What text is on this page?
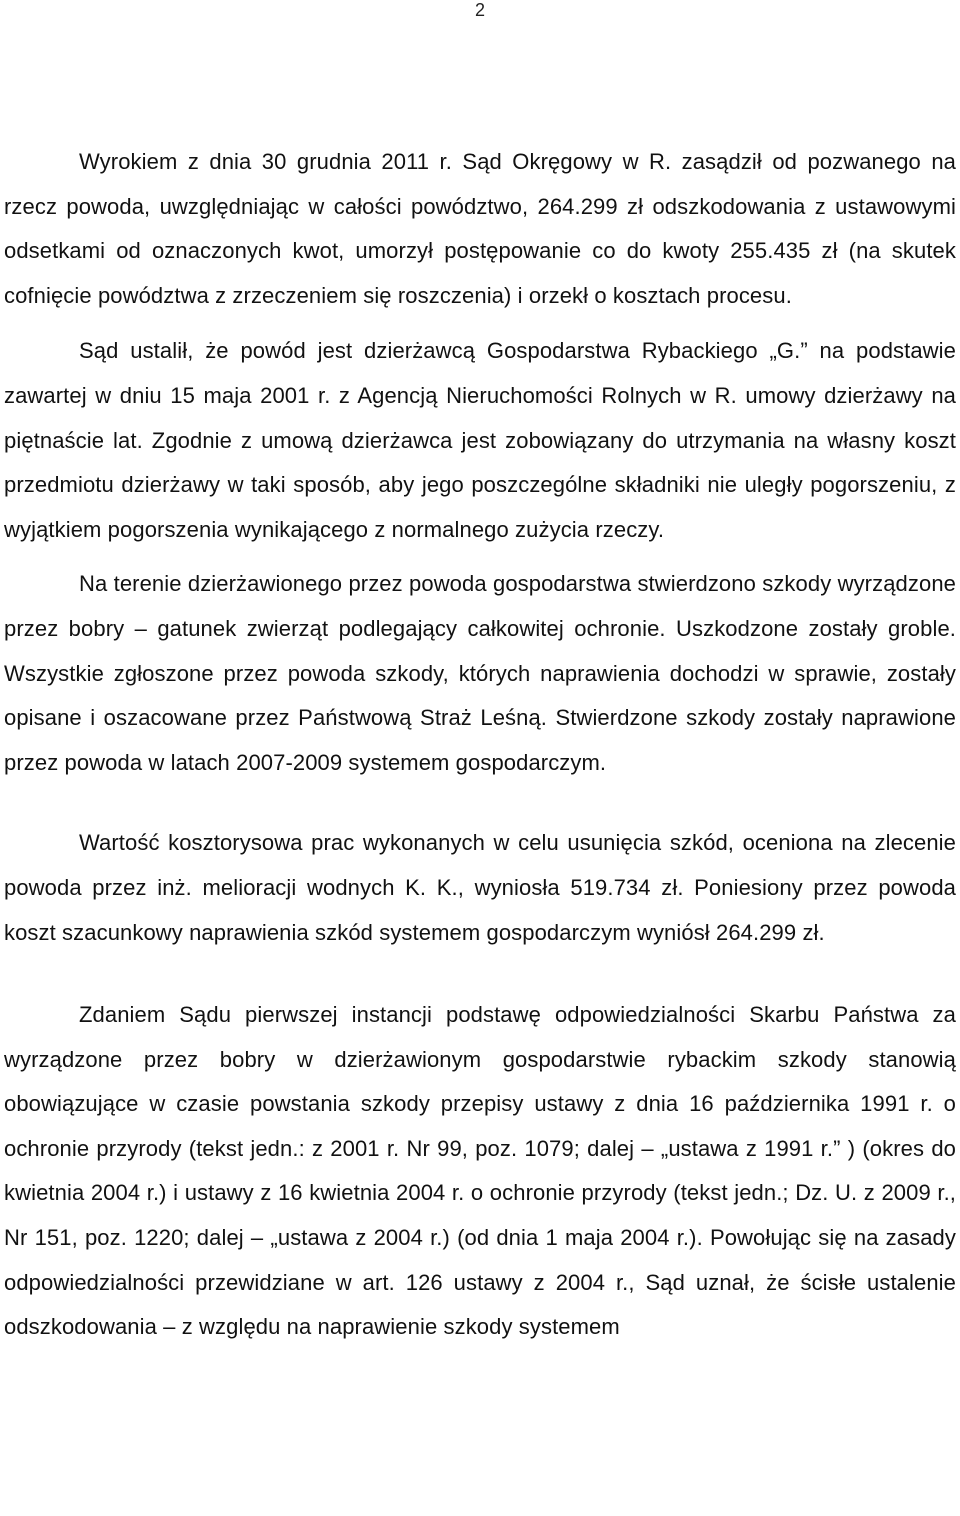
2

Wyrokiem z dnia 30 grudnia 2011 r. Sąd Okręgowy w R. zasądził od pozwanego na rzecz powoda, uwzględniając w całości powództwo, 264.299 zł odszkodowania z ustawowymi odsetkami od oznaczonych kwot, umorzył postępowanie co do kwoty 255.435 zł (na skutek cofnięcie powództwa z zrzeczeniem się roszczenia) i orzekł o kosztach procesu.

Sąd ustalił, że powód jest dzierżawcą Gospodarstwa Rybackiego „G.” na podstawie zawartej w dniu 15 maja 2001 r. z Agencją Nieruchomości Rolnych w R. umowy dzierżawy na piętnaście lat. Zgodnie z umową dzierżawca jest zobowiązany do utrzymania na własny koszt przedmiotu dzierżawy w taki sposób, aby jego poszczególne składniki nie uległy pogorszeniu, z wyjątkiem pogorszenia wynikającego z normalnego zużycia rzeczy.

Na terenie dzierżawionego przez powoda gospodarstwa stwierdzono szkody wyrządzone przez bobry – gatunek zwierząt podlegający całkowitej ochronie. Uszkodzone zostały groble. Wszystkie zgłoszone przez powoda szkody, których naprawienia dochodzi w sprawie, zostały opisane i oszacowane przez Państwową Straż Leśną. Stwierdzone szkody zostały naprawione przez powoda w latach 2007-2009 systemem gospodarczym.

Wartość kosztorysowa prac wykonanych w celu usunięcia szkód, oceniona na zlecenie powoda przez inż. melioracji wodnych K. K., wyniosła 519.734 zł. Poniesiony przez powoda koszt szacunkowy naprawienia szkód systemem gospodarczym wyniósł 264.299 zł.

Zdaniem Sądu pierwszej instancji podstawę odpowiedzialności Skarbu Państwa za wyrządzone przez bobry w dzierżawionym gospodarstwie rybackim szkody stanowią obowiązujące w czasie powstania szkody przepisy ustawy z dnia 16 października 1991 r. o ochronie przyrody (tekst jedn.: z 2001 r. Nr 99, poz. 1079; dalej – „ustawa z 1991 r.” ) (okres do kwietnia 2004 r.) i ustawy z 16 kwietnia 2004 r. o ochronie przyrody (tekst jedn.; Dz. U. z 2009 r., Nr 151, poz. 1220; dalej – „ustawa z 2004 r.) (od dnia 1 maja 2004 r.). Powołując się na zasady odpowiedzialności przewidziane w art. 126 ustawy z 2004 r., Sąd uznał, że ścisłe ustalenie odszkodowania – z względu na naprawienie szkody systemem
